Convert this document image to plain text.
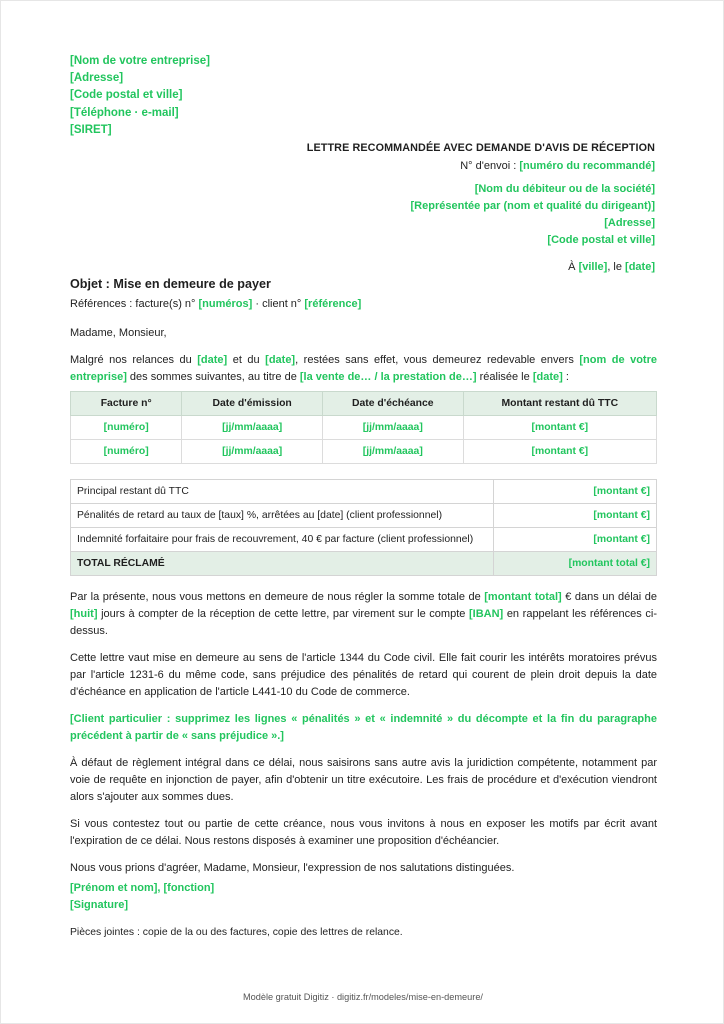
[Nom de votre entreprise]
[Adresse]
[Code postal et ville]
[Téléphone · e-mail]
[SIRET]
LETTRE RECOMMANDÉE AVEC DEMANDE D'AVIS DE RÉCEPTION
N° d'envoi : [numéro du recommandé]
[Nom du débiteur ou de la société]
[Représentée par (nom et qualité du dirigeant)]
[Adresse]
[Code postal et ville]
À [ville], le [date]
Objet : Mise en demeure de payer
Références : facture(s) n° [numéros] · client n° [référence]
Madame, Monsieur,

Malgré nos relances du [date] et du [date], restées sans effet, vous demeurez redevable envers [nom de votre entreprise] des sommes suivantes, au titre de [la vente de… / la prestation de…] réalisée le [date] :

Facture n°	Date d'émission	Date d'échéance	Montant restant dû TTC
[numéro]	[jj/mm/aaaa]	[jj/mm/aaaa]	[montant €]
[numéro]	[jj/mm/aaaa]	[jj/mm/aaaa]	[montant €]
Principal restant dû TTC	[montant €]
Pénalités de retard au taux de [taux] %, arrêtées au [date] (client professionnel)	[montant €]
Indemnité forfaitaire pour frais de recouvrement, 40 € par facture (client professionnel)	[montant €]
TOTAL RÉCLAMÉ	[montant total €]

Par la présente, nous vous mettons en demeure de nous régler la somme totale de [montant total] € dans un délai de [huit] jours à compter de la réception de cette lettre, par virement sur le compte [IBAN] en rappelant les références ci-dessus.

Cette lettre vaut mise en demeure au sens de l'article 1344 du Code civil. Elle fait courir les intérêts moratoires prévus par l'article 1231-6 du même code, sans préjudice des pénalités de retard qui courent de plein droit depuis la date d'échéance en application de l'article L441-10 du Code de commerce.

[Client particulier : supprimez les lignes « pénalités » et « indemnité » du décompte et la fin du paragraphe précédent à partir de « sans préjudice ».]

À défaut de règlement intégral dans ce délai, nous saisirons sans autre avis la juridiction compétente, notamment par voie de requête en injonction de payer, afin d'obtenir un titre exécutoire. Les frais de procédure et d'exécution viendront alors s'ajouter aux sommes dues.

Si vous contestez tout ou partie de cette créance, nous vous invitons à nous en exposer les motifs par écrit avant l'expiration de ce délai. Nous restons disposés à examiner une proposition d'échéancier.

Nous vous prions d'agréer, Madame, Monsieur, l'expression de nos salutations distinguées.

[Prénom et nom], [fonction]
[Signature]
Pièces jointes : copie de la ou des factures, copie des lettres de relance.
Modèle gratuit Digitiz · digitiz.fr/modeles/mise-en-demeure/
